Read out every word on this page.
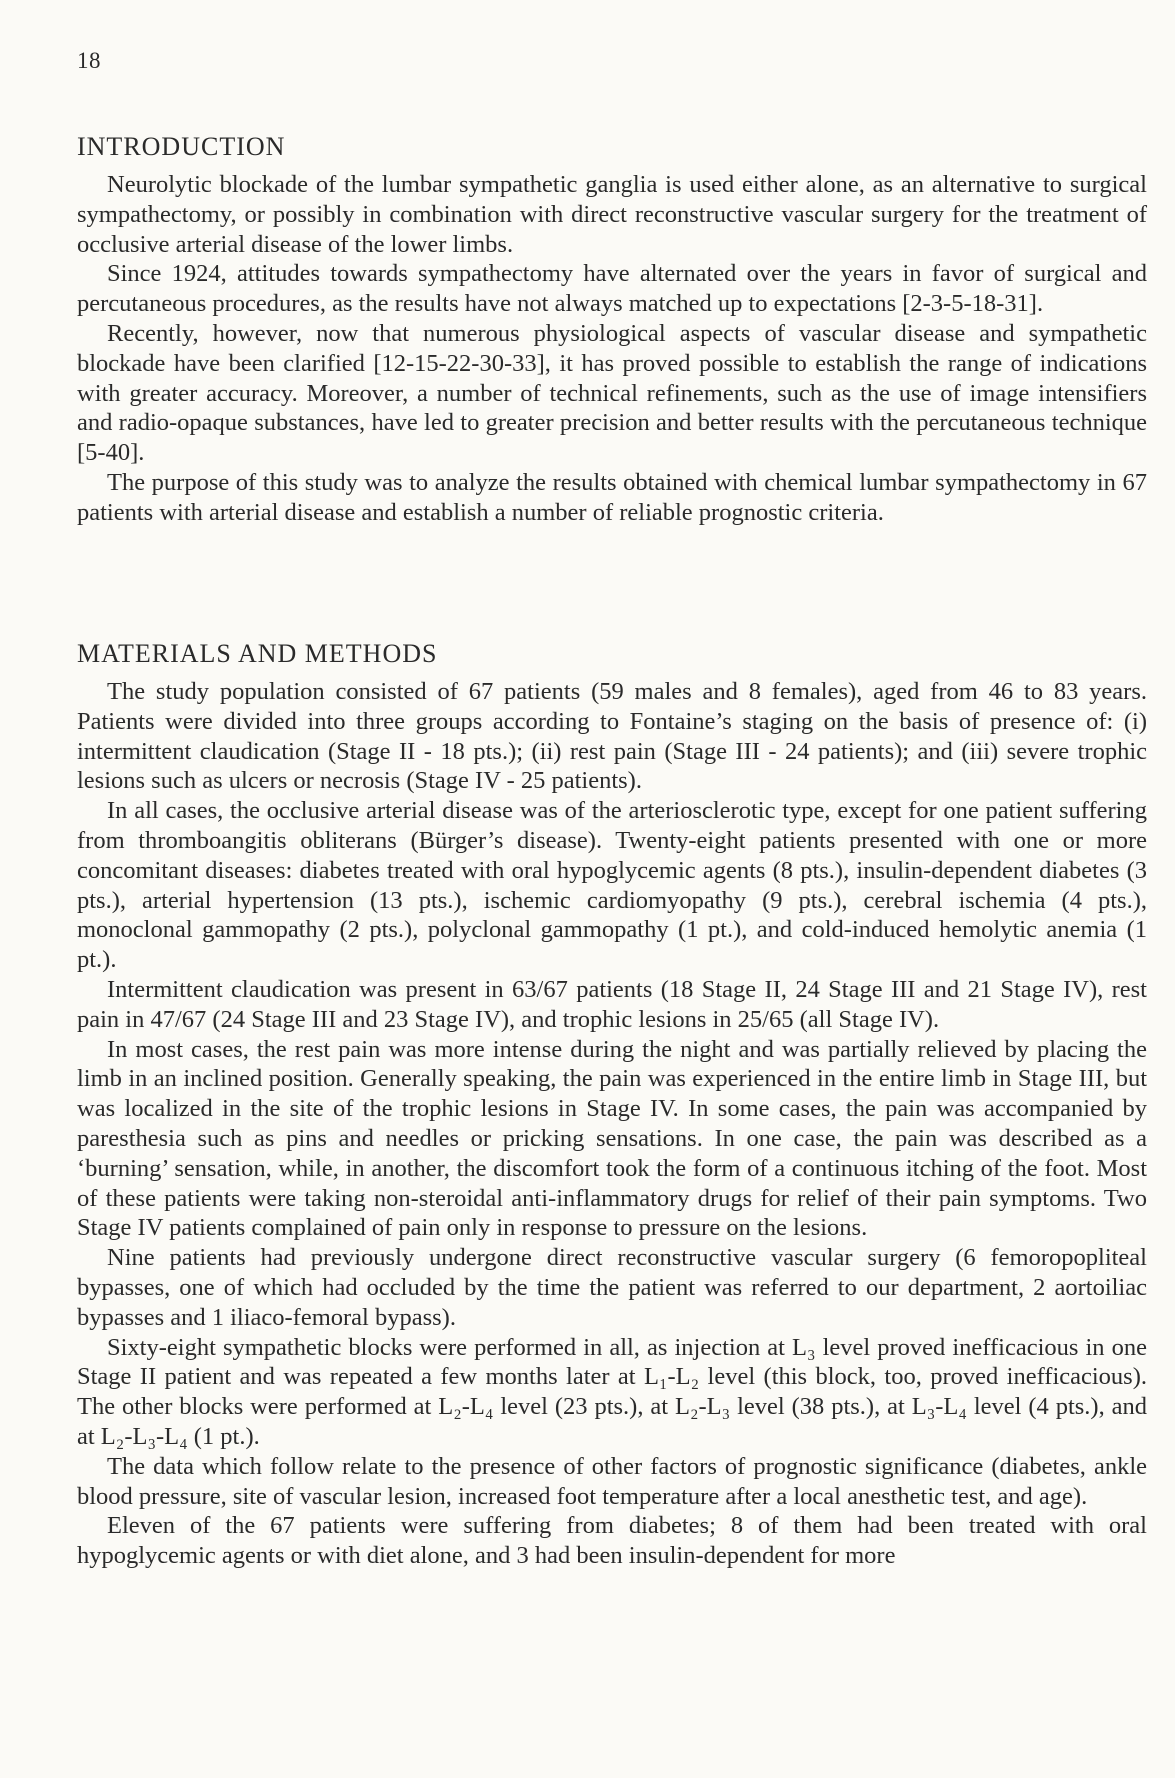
18
INTRODUCTION

Neurolytic blockade of the lumbar sympathetic ganglia is used either alone, as an alternative to surgical sympathectomy, or possibly in combination with direct reconstructive vascular surgery for the treatment of occlusive arterial disease of the lower limbs.

Since 1924, attitudes towards sympathectomy have alternated over the years in favor of surgical and percutaneous procedures, as the results have not always matched up to expectations [2-3-5-18-31].

Recently, however, now that numerous physiological aspects of vascular disease and sympathetic blockade have been clarified [12-15-22-30-33], it has proved possible to establish the range of indications with greater accuracy. Moreover, a number of technical refinements, such as the use of image intensifiers and radio-opaque substances, have led to greater precision and better results with the percutaneous technique [5-40].

The purpose of this study was to analyze the results obtained with chemical lumbar sympathectomy in 67 patients with arterial disease and establish a number of reliable prognostic criteria.

MATERIALS AND METHODS

The study population consisted of 67 patients (59 males and 8 females), aged from 46 to 83 years. Patients were divided into three groups according to Fontaine’s staging on the basis of presence of: (i) intermittent claudication (Stage II - 18 pts.); (ii) rest pain (Stage III - 24 patients); and (iii) severe trophic lesions such as ulcers or necrosis (Stage IV - 25 patients).

In all cases, the occlusive arterial disease was of the arteriosclerotic type, except for one patient suffering from thromboangitis obliterans (Bürger’s disease). Twenty-eight patients presented with one or more concomitant diseases: diabetes treated with oral hypoglycemic agents (8 pts.), insulin-dependent diabetes (3 pts.), arterial hypertension (13 pts.), ischemic cardiomyopathy (9 pts.), cerebral ischemia (4 pts.), monoclonal gammopathy (2 pts.), polyclonal gammopathy (1 pt.), and cold-induced hemolytic anemia (1 pt.).

Intermittent claudication was present in 63/67 patients (18 Stage II, 24 Stage III and 21 Stage IV), rest pain in 47/67 (24 Stage III and 23 Stage IV), and trophic lesions in 25/65 (all Stage IV).

In most cases, the rest pain was more intense during the night and was partially relieved by placing the limb in an inclined position. Generally speaking, the pain was experienced in the entire limb in Stage III, but was localized in the site of the trophic lesions in Stage IV. In some cases, the pain was accompanied by paresthesia such as pins and needles or pricking sensations. In one case, the pain was described as a ‘burning’ sensation, while, in another, the discomfort took the form of a continuous itching of the foot. Most of these patients were taking non-steroidal anti-inflammatory drugs for relief of their pain symptoms. Two Stage IV patients complained of pain only in response to pressure on the lesions.

Nine patients had previously undergone direct reconstructive vascular surgery (6 femoropopliteal bypasses, one of which had occluded by the time the patient was referred to our department, 2 aortoiliac bypasses and 1 iliaco-femoral bypass).

Sixty-eight sympathetic blocks were performed in all, as injection at L₃ level proved inefficacious in one Stage II patient and was repeated a few months later at L₁-L₂ level (this block, too, proved inefficacious). The other blocks were performed at L₂-L₄ level (23 pts.), at L₂-L₃ level (38 pts.), at L₃-L₄ level (4 pts.), and at L₂-L₃-L₄ (1 pt.).

The data which follow relate to the presence of other factors of prognostic significance (diabetes, ankle blood pressure, site of vascular lesion, increased foot temperature after a local anesthetic test, and age).

Eleven of the 67 patients were suffering from diabetes; 8 of them had been treated with oral hypoglycemic agents or with diet alone, and 3 had been insulin-dependent for more
